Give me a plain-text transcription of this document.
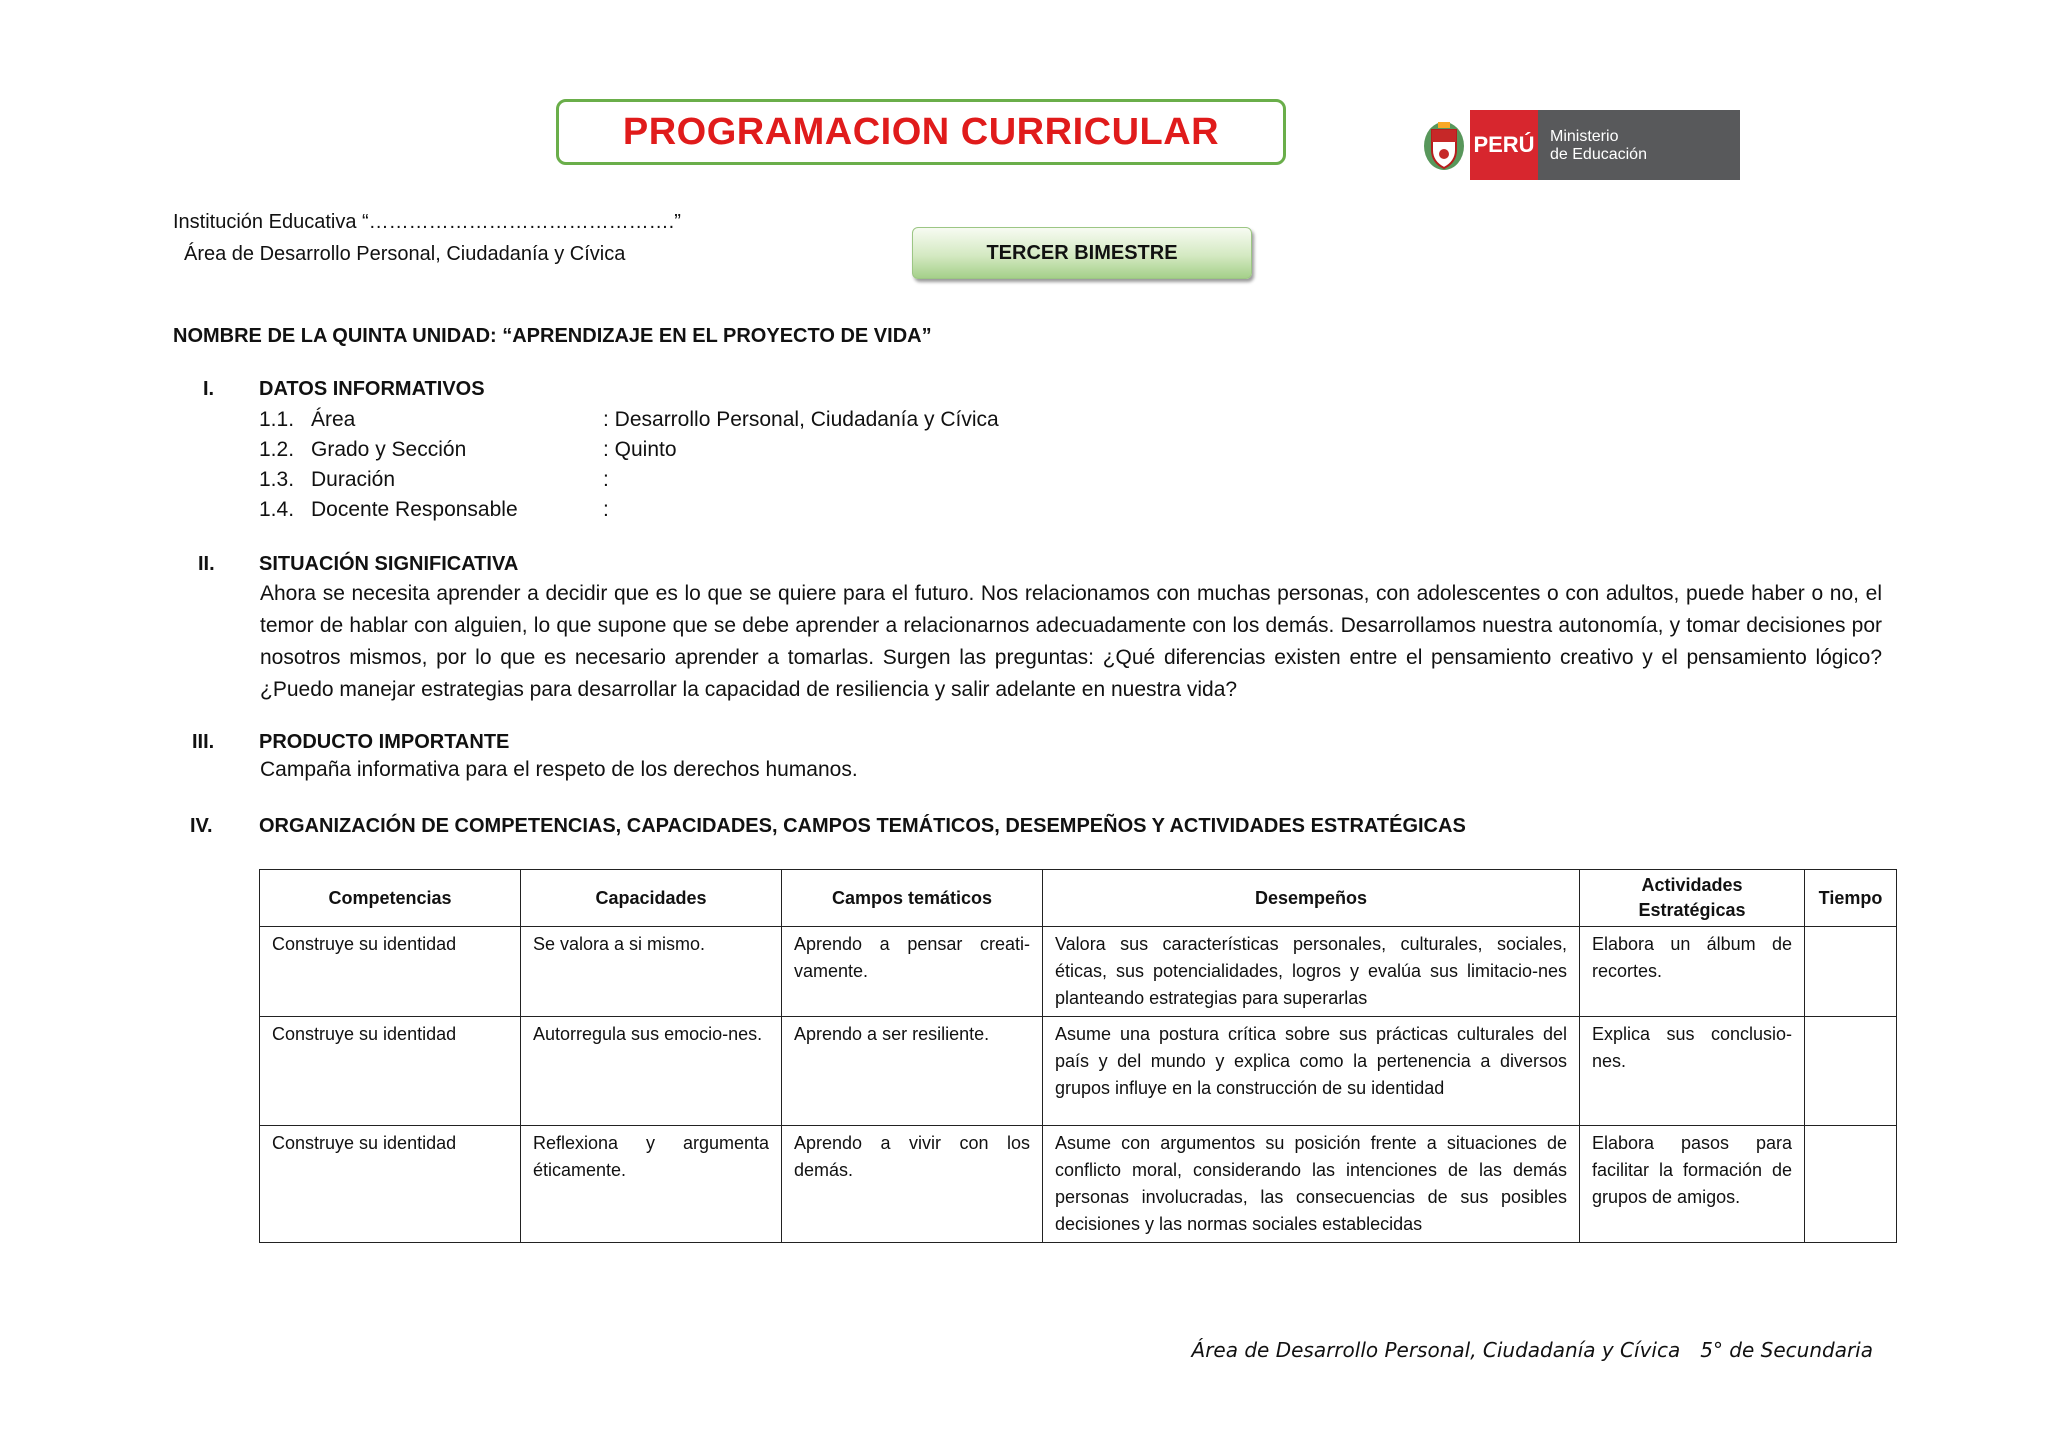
PROGRAMACION CURRICULAR	PERÚ Ministerio
de Educación
Institución Educativa “……………………………………….”
Área de Desarrollo Personal, Ciudadanía y Cívica	TERCER BIMESTRE
NOMBRE DE LA QUINTA UNIDAD: “APRENDIZAJE EN EL PROYECTO DE VIDA”
I. DATOS INFORMATIVOS
1.1. Área	: Desarrollo Personal, Ciudadanía y Cívica
1.2. Grado y Sección	: Quinto
1.3. Duración	:
1.4. Docente Responsable	:
II. SITUACIÓN SIGNIFICATIVA
Ahora se necesita aprender a decidir que es lo que se quiere para el futuro. Nos relacionamos con muchas personas, con adolescentes o con adultos, puede haber o no, el temor de hablar con alguien, lo que supone que se debe aprender a relacionarnos adecuadamente con los demás. Desarrollamos nuestra autonomía, y tomar decisiones por nosotros mismos, por lo que es necesario aprender a tomarlas. Surgen las preguntas: ¿Qué diferencias existen entre el pensamiento creativo y el pensamiento lógico? ¿Puedo manejar estrategias para desarrollar la capacidad de resiliencia y salir adelante en nuestra vida?
III. PRODUCTO IMPORTANTE
Campaña informativa para el respeto de los derechos humanos.
IV. ORGANIZACIÓN DE COMPETENCIAS, CAPACIDADES, CAMPOS TEMÁTICOS, DESEMPEÑOS Y ACTIVIDADES ESTRATÉGICAS
Competencias	Capacidades	Campos temáticos	Desempeños	Actividades Estratégicas	Tiempo
Construye su identidad	Se valora a si mismo.	Aprendo a pensar creati-vamente.	Valora sus características personales, culturales, sociales, éticas, sus potencialidades, logros y evalúa sus limitacio-nes planteando estrategias para superarlas	Elabora un álbum de recortes.	
Construye su identidad	Autorregula sus emocio-nes.	Aprendo a ser resiliente.	Asume una postura crítica sobre sus prácticas culturales del país y del mundo y explica como la pertenencia a diversos grupos influye en la construcción de su identidad	Explica sus conclusio-nes.	
Construye su identidad	Reflexiona y argumenta éticamente.	Aprendo a vivir con los demás.	Asume con argumentos su posición frente a situaciones de conflicto moral, considerando las intenciones de las demás personas involucradas, las consecuencias de sus posibles decisiones y las normas sociales establecidas	Elabora pasos para facilitar la formación de grupos de amigos.	
Área de Desarrollo Personal, Ciudadanía y Cívica 5° de Secundaria
